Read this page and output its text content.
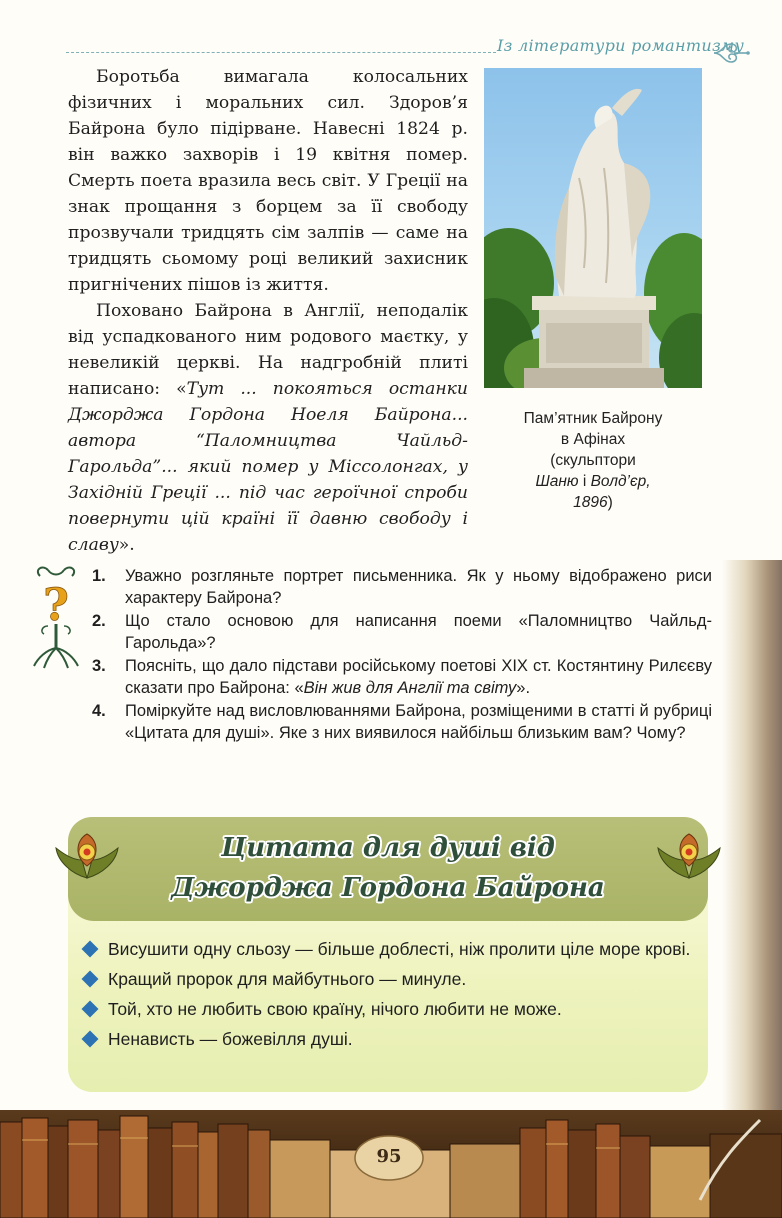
Із літератури романтизму

Боротьба вимагала колосальних фізичних і моральних сил. Здоров’я Байрона було підірване. Навесні 1824 р. він важко захворів і 19 квітня помер. Смерть поета вразила весь світ. У Греції на знак прощання з борцем за її свободу прозвучали тридцять сім залпів — саме на тридцять сьомому році великий захисник пригнічених пішов із життя.

Поховано Байрона в Англії, неподалік від успадкованого ним родового маєтку, у невеликій церкві. На надгробній плиті написано: «Тут ... покояться останки Джорджа Гордона Ноеля Байрона... автора “Паломництва Чайльд-Гарольда”... який помер у Міссолонгах, у Західній Греції ... під час героїчної спроби повернути цій країні її давню свободу і славу».

Пам’ятник Байрону
в Афінах
(скульптори
Шаню і Волд’єр,
1896)
?
1. Уважно розгляньте портрет письменника. Як у ньому відображено риси характеру Байрона?
2. Що стало основою для написання поеми «Паломництво Чайльд-Гарольда»?
3. Поясніть, що дало підстави російському поетові XIX ст. Костянтину Рилєєву сказати про Байрона: «Він жив для Англії та світу».
4. Поміркуйте над висловлюваннями Байрона, розміщеними в статті й рубриці «Цитата для душі». Яке з них виявилося найбільш близьким вам? Чому?
Цитата для душі від
Джорджа Гордона Байрона
Висушити одну сльозу — більше доблесті, ніж пролити ціле море крові.
Кращий пророк для майбутнього — минуле.
Той, хто не любить свою країну, нічого любити не може.
Ненависть — божевілля душі.
95
